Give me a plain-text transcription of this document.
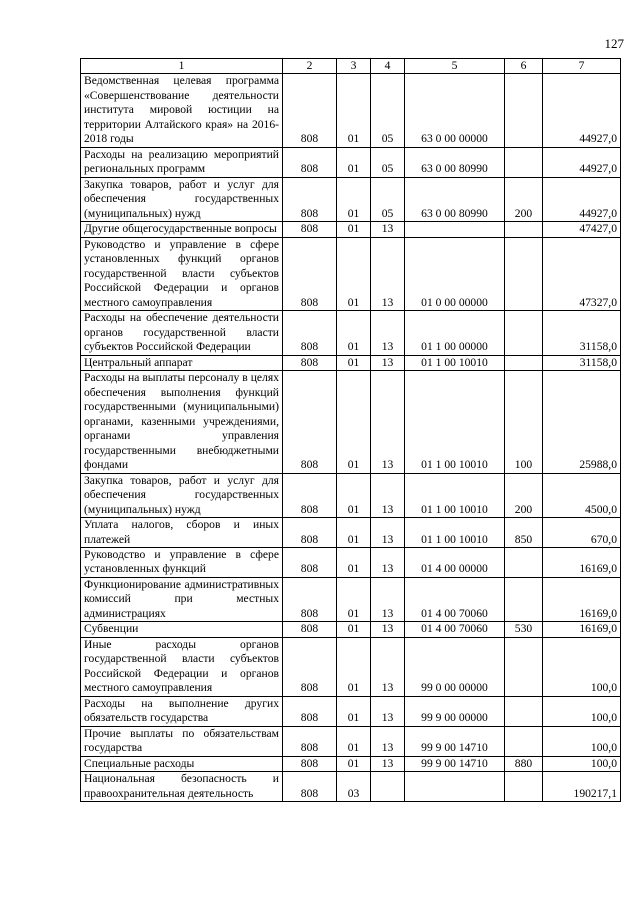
127
1	2	3	4	5	6	7
Ведомственная целевая программа «Совершенствование деятельности института мировой юстиции на территории Алтайского края» на 2016-2018 годы	808	01	05	63 0 00 00000		44927,0
Расходы на реализацию мероприятий региональных программ	808	01	05	63 0 00 80990		44927,0
Закупка товаров, работ и услуг для обеспечения государственных (муниципальных) нужд	808	01	05	63 0 00 80990	200	44927,0
Другие общегосударственные вопросы	808	01	13			47427,0
Руководство и управление в сфере установленных функций органов государственной власти субъектов Российской Федерации и органов местного самоуправления	808	01	13	01 0 00 00000		47327,0
Расходы на обеспечение деятельности органов государственной власти субъектов Российской Федерации	808	01	13	01 1 00 00000		31158,0
Центральный аппарат	808	01	13	01 1 00 10010		31158,0
Расходы на выплаты персоналу в целях обеспечения выполнения функций государственными (муниципальными) органами, казенными учреждениями, органами управления государственными внебюджетными фондами	808	01	13	01 1 00 10010	100	25988,0
Закупка товаров, работ и услуг для обеспечения государственных (муниципальных) нужд	808	01	13	01 1 00 10010	200	4500,0
Уплата налогов, сборов и иных платежей	808	01	13	01 1 00 10010	850	670,0
Руководство и управление в сфере установленных функций	808	01	13	01 4 00 00000		16169,0
Функционирование административных комиссий при местных администрациях	808	01	13	01 4 00 70060		16169,0
Субвенции	808	01	13	01 4 00 70060	530	16169,0
Иные расходы органов государственной власти субъектов Российской Федерации и органов местного самоуправления	808	01	13	99 0 00 00000		100,0
Расходы на выполнение других обязательств государства	808	01	13	99 9 00 00000		100,0
Прочие выплаты по обязательствам государства	808	01	13	99 9 00 14710		100,0
Специальные расходы	808	01	13	99 9 00 14710	880	100,0
Национальная безопасность и правоохранительная деятельность	808	03				190217,1
